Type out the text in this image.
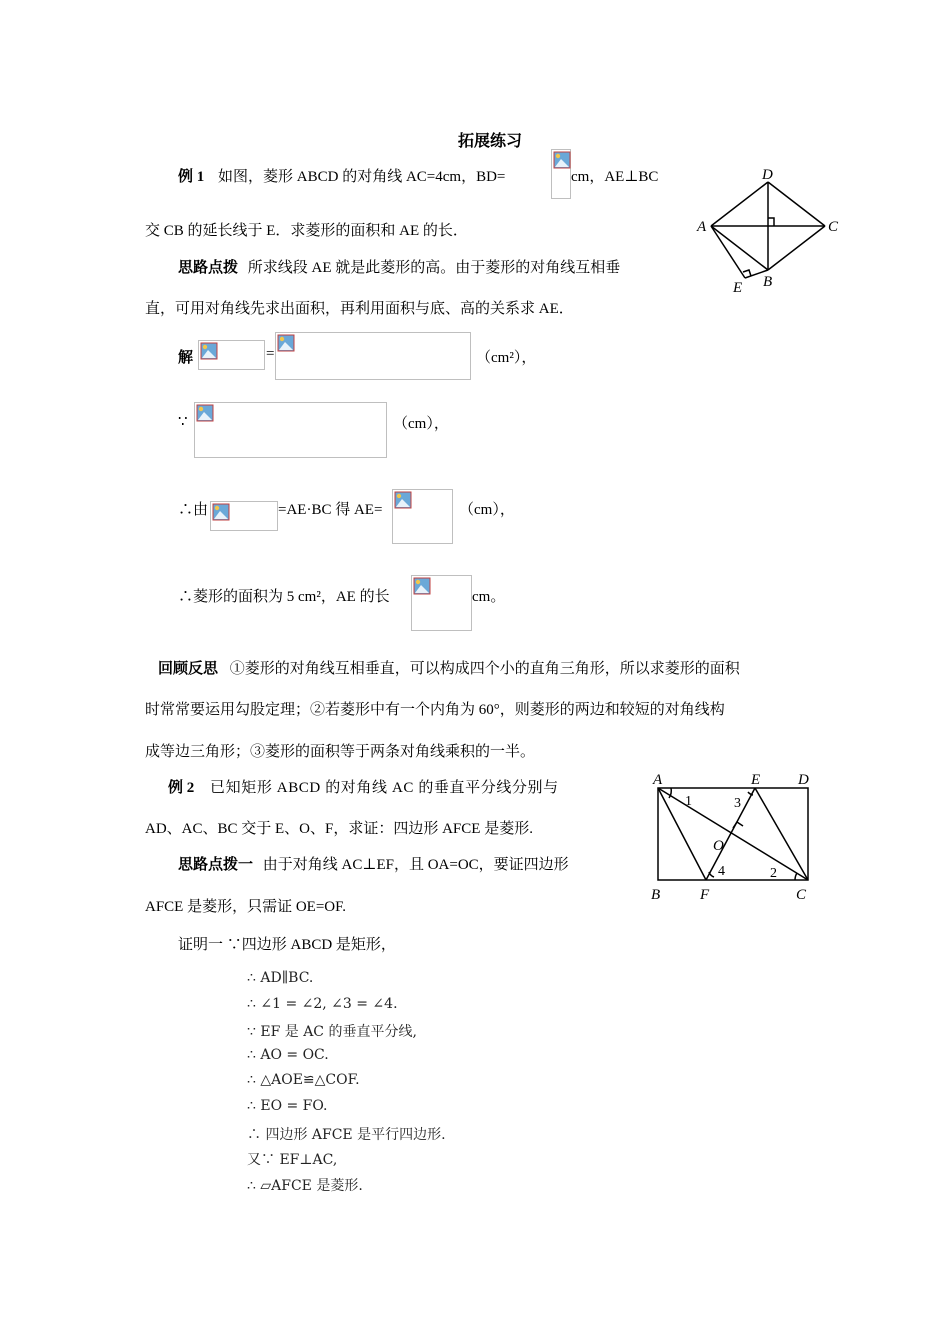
拓展练习
例 1 如图，菱形 ABCD 的对角线 AC=4cm，BD=	cm，AE⊥BC
交 CB 的延长线于 E．求菱形的面积和 AE 的长．
思路点拨 所求线段 AE 就是此菱形的高。由于菱形的对角线互相垂
直，可用对角线先求出面积，再利用面积与底、高的关系求 AE．
D
A	C
E B
解	=	（cm²），
∵	（cm），
∴由	=AE·BC 得 AE=	（cm），
∴菱形的面积为 5 cm²，AE 的长	cm。
回顾反思 ①菱形的对角线互相垂直，可以构成四个小的直角三角形，所以求菱形的面积
时常常要运用勾股定理；②若菱形中有一个内角为 60°，则菱形的两边和较短的对角线构
成等边三角形；③菱形的面积等于两条对角线乘积的一半。
例 2 已知矩形 ABCD 的对角线 AC 的垂直平分线分别与
AD、AC、BC 交于 E、O、F，求证：四边形 AFCE 是菱形.
思路点拨一 由于对角线 AC⊥EF，且 OA=OC，要证四边形
AFCE 是菱形，只需证 OE=OF.
A	E	D
1	3
O
4	2
B	F	C
证明一 ∵四边形 ABCD 是矩形，
∴ AD∥BC.
∴ ∠1 = ∠2, ∠3 = ∠4.
∵ EF 是 AC 的垂直平分线,
∴ AO = OC.
∴ △AOE≌△COF.
∴ EO = FO.
∴ 四边形 AFCE 是平行四边形.
又∵ EF⊥AC,
∴ ▱AFCE 是菱形.
